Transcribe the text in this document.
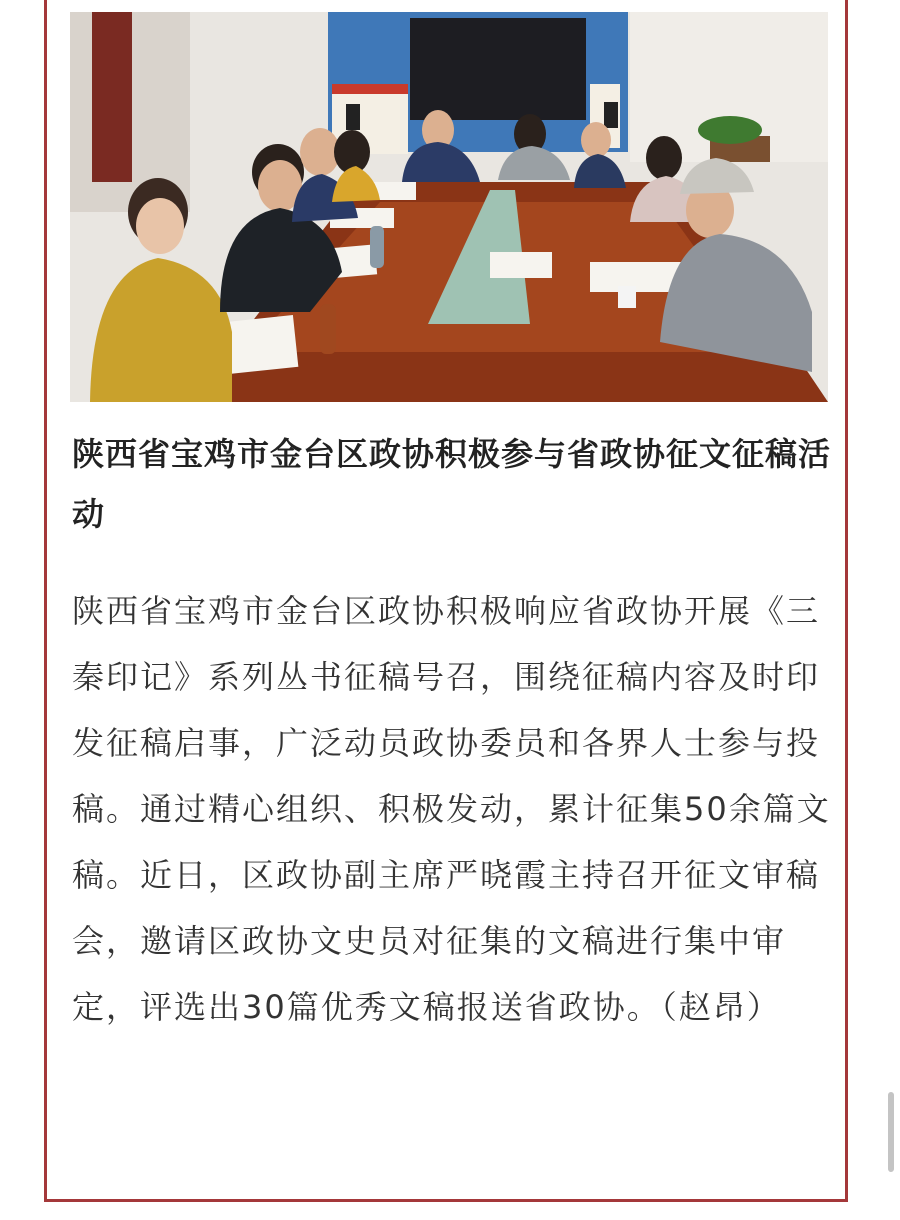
陕西省宝鸡市金台区政协积极参与省政协征文征稿活动

陕西省宝鸡市金台区政协积极响应省政协开展《三秦印记》系列丛书征稿号召，围绕征稿内容及时印发征稿启事，广泛动员政协委员和各界人士参与投稿。通过精心组织、积极发动，累计征集50余篇文稿。近日，区政协副主席严晓霞主持召开征文审稿会，邀请区政协文史员对征集的文稿进行集中审定，评选出30篇优秀文稿报送省政协。（赵昂）
